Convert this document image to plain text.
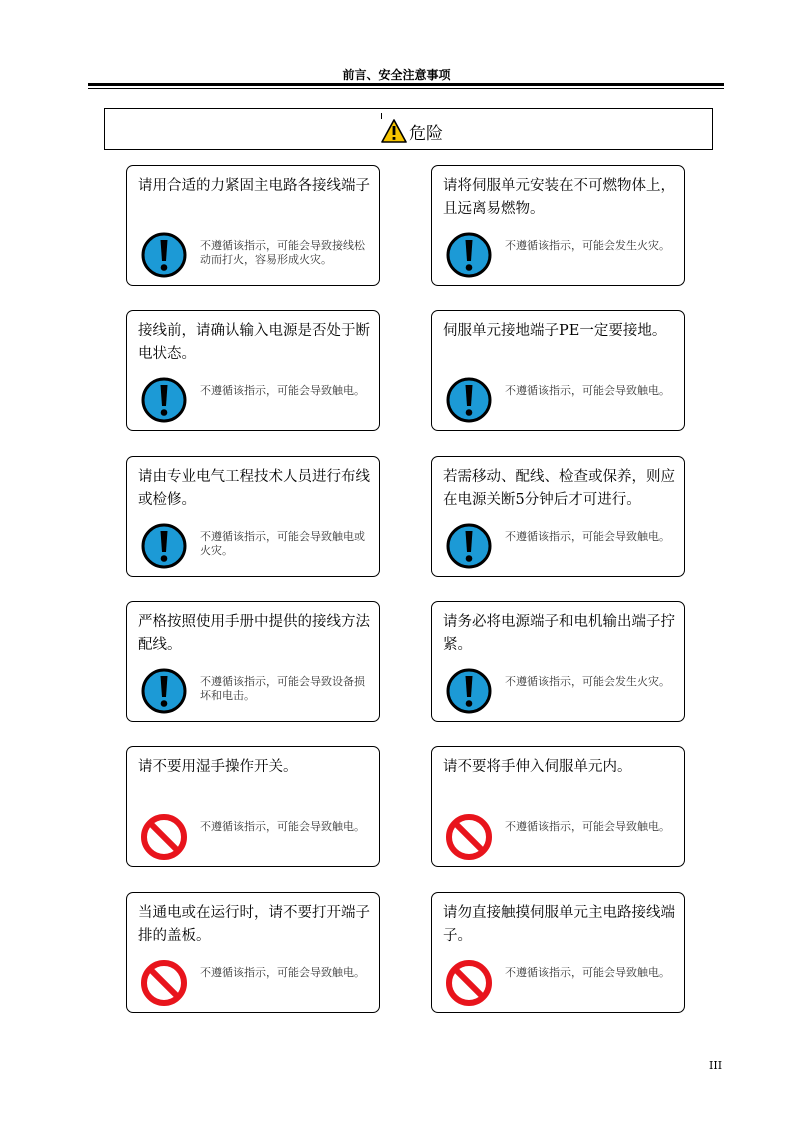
前言、安全注意事项
危险
请用合适的力紧固主电路各接线端子
不遵循该指示，可能会导致接线松动而打火，容易形成火灾。
请将伺服单元安装在不可燃物体上，且远离易燃物。
不遵循该指示，可能会发生火灾。
接线前，请确认输入电源是否处于断电状态。
不遵循该指示，可能会导致触电。
伺服单元接地端子PE一定要接地。
不遵循该指示，可能会导致触电。
请由专业电气工程技术人员进行布线或检修。
不遵循该指示，可能会导致触电或火灾。
若需移动、配线、检查或保养，则应在电源关断5分钟后才可进行。
不遵循该指示，可能会导致触电。
严格按照使用手册中提供的接线方法配线。
不遵循该指示，可能会导致设备损坏和电击。
请务必将电源端子和电机输出端子拧紧。
不遵循该指示，可能会发生火灾。
请不要用湿手操作开关。
不遵循该指示，可能会导致触电。
请不要将手伸入伺服单元内。
不遵循该指示，可能会导致触电。
当通电或在运行时，请不要打开端子排的盖板。
不遵循该指示，可能会导致触电。
请勿直接触摸伺服单元主电路接线端子。
不遵循该指示，可能会导致触电。
III
